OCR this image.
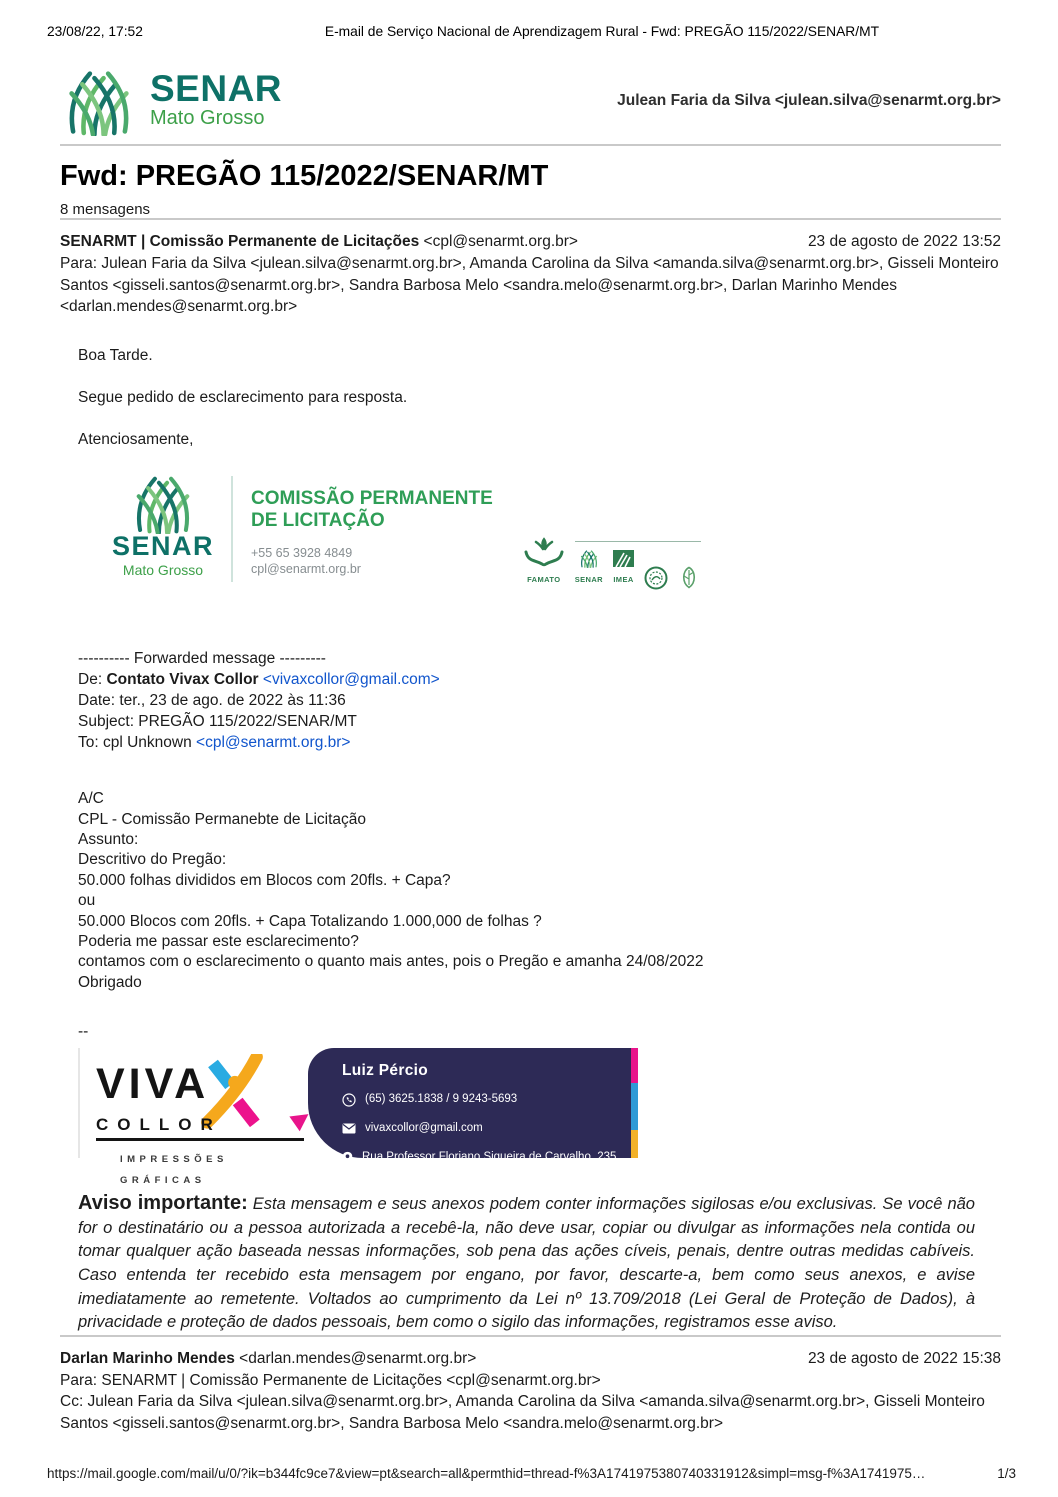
23/08/22, 17:52	E-mail de Serviço Nacional de Aprendizagem Rural - Fwd: PREGÃO 115/2022/SENAR/MT
SENAR
Mato Grosso
Julean Faria da Silva <julean.silva@senarmt.org.br>
Fwd: PREGÃO 115/2022/SENAR/MT
8 mensagens
SENARMT | Comissão Permanente de Licitações <cpl@senarmt.org.br>	23 de agosto de 2022 13:52
Para: Julean Faria da Silva <julean.silva@senarmt.org.br>, Amanda Carolina da Silva <amanda.silva@senarmt.org.br>, Gisseli Monteiro Santos <gisseli.santos@senarmt.org.br>, Sandra Barbosa Melo <sandra.melo@senarmt.org.br>, Darlan Marinho Mendes <darlan.mendes@senarmt.org.br>

Boa Tarde.

Segue pedido de esclarecimento para resposta.

Atenciosamente,

SENAR
Mato Grosso
COMISSÃO PERMANENTE
DE LICITAÇÃO
+55 65 3928 4849
cpl@senarmt.org.br
FAMATO	SENAR IMEA
---------- Forwarded message ---------
De: Contato Vivax Collor <vivaxcollor@gmail.com>
Date: ter., 23 de ago. de 2022 às 11:36
Subject: PREGÃO 115/2022/SENAR/MT
To: cpl Unknown <cpl@senarmt.org.br>
A/C
CPL - Comissão Permanebte de Licitação
Assunto:
Descritivo do Pregão:
50.000 folhas divididos em Blocos com 20fls. + Capa?
ou
50.000 Blocos com 20fls. + Capa Totalizando 1.000,000 de folhas ?
Poderia me passar este esclarecimento?
contamos com o esclarecimento o quanto mais antes, pois o Pregão e amanha 24/08/2022
Obrigado
--
VIVA
COLLOR
IMPRESSÕES GRÁFICAS
Luiz Pércio
(65) 3625.1838 / 9 9243-5693
vivaxcollor@gmail.com
Rua Professor Floriano Siqueira de Carvalho, 235
Novo Terceiro - Cuiabá/MT
Aviso importante: Esta mensagem e seus anexos podem conter informações sigilosas e/ou exclusivas. Se você não for o destinatário ou a pessoa autorizada a recebê-la, não deve usar, copiar ou divulgar as informações nela contida ou tomar qualquer ação baseada nessas informações, sob pena das ações cíveis, penais, dentre outras medidas cabíveis. Caso entenda ter recebido esta mensagem por engano, por favor, descarte-a, bem como seus anexos, e avise imediatamente ao remetente. Voltados ao cumprimento da Lei nº 13.709/2018 (Lei Geral de Proteção de Dados), à privacidade e proteção de dados pessoais, bem como o sigilo das informações, registramos esse aviso.
Darlan Marinho Mendes <darlan.mendes@senarmt.org.br>	23 de agosto de 2022 15:38
Para: SENARMT | Comissão Permanente de Licitações <cpl@senarmt.org.br>
Cc: Julean Faria da Silva <julean.silva@senarmt.org.br>, Amanda Carolina da Silva <amanda.silva@senarmt.org.br>, Gisseli Monteiro Santos <gisseli.santos@senarmt.org.br>, Sandra Barbosa Melo <sandra.melo@senarmt.org.br>
https://mail.google.com/mail/u/0/?ik=b344fc9ce7&view=pt&search=all&permthid=thread-f%3A1741975380740331912&simpl=msg-f%3A1741975…	1/3
